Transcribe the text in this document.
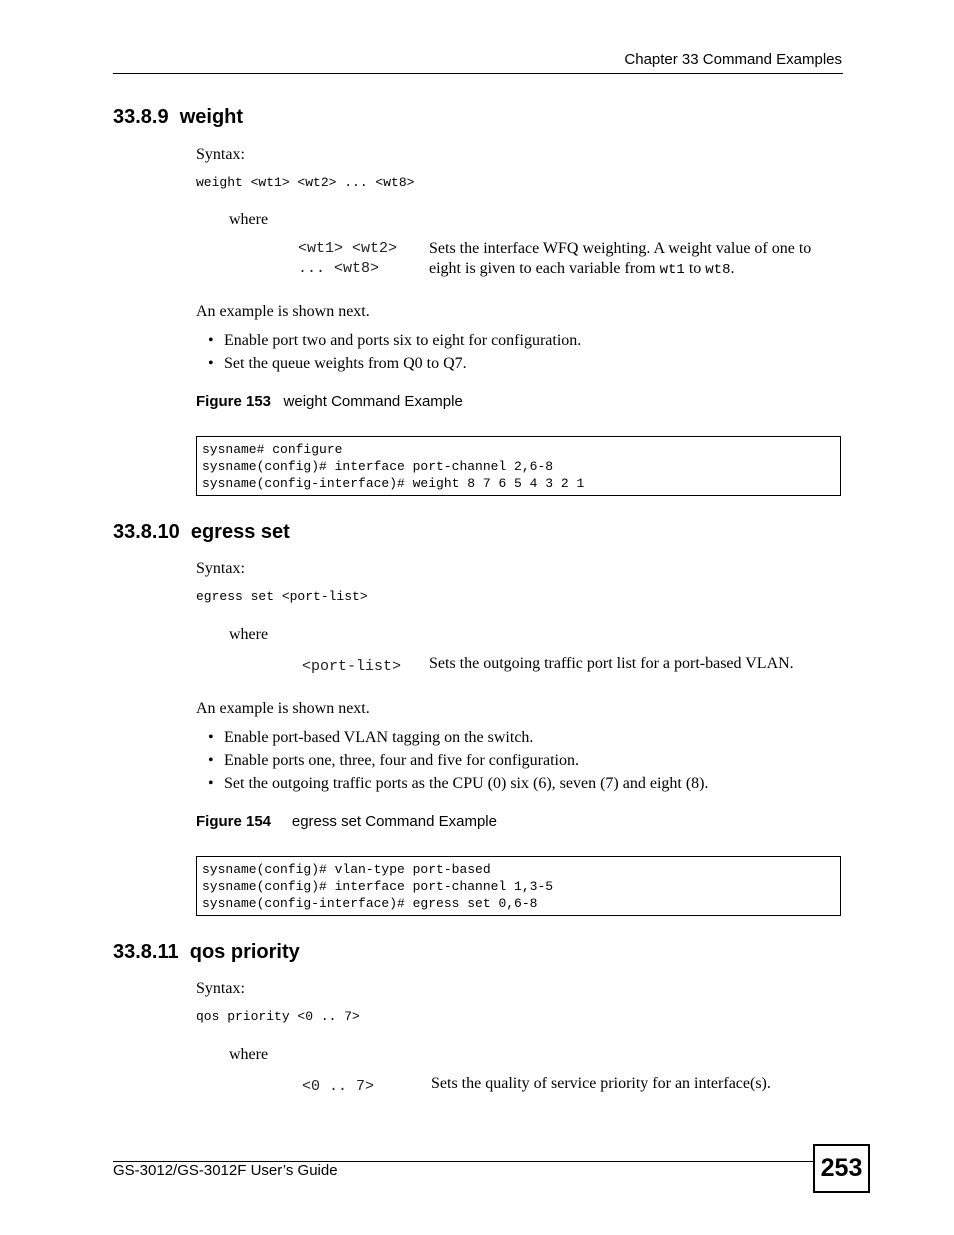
Chapter 33 Command Examples
33.8.9  weight
Syntax:
weight <wt1> <wt2> ... <wt8>
where
<wt1> <wt2>
... <wt8>
Sets the interface WFQ weighting. A weight value of one to
eight is given to each variable from wt1 to wt8.
An example is shown next.
• Enable port two and ports six to eight for configuration.
• Set the queue weights from Q0 to Q7.
Figure 153 weight Command Example
sysname# configure
sysname(config)# interface port-channel 2,6-8
sysname(config-interface)# weight 8 7 6 5 4 3 2 1
33.8.10  egress set
Syntax:
egress set <port-list>
where
<port-list> Sets the outgoing traffic port list for a port-based VLAN.
An example is shown next.
• Enable port-based VLAN tagging on the switch.
• Enable ports one, three, four and five for configuration.
• Set the outgoing traffic ports as the CPU (0) six (6), seven (7) and eight (8).
Figure 154 egress set Command Example
sysname(config)# vlan-type port-based
sysname(config)# interface port-channel 1,3-5
sysname(config-interface)# egress set 0,6-8
33.8.11  qos priority
Syntax:
qos priority <0 .. 7>
where
<0 .. 7>	Sets the quality of service priority for an interface(s).
GS-3012/GS-3012F User’s Guide	253
